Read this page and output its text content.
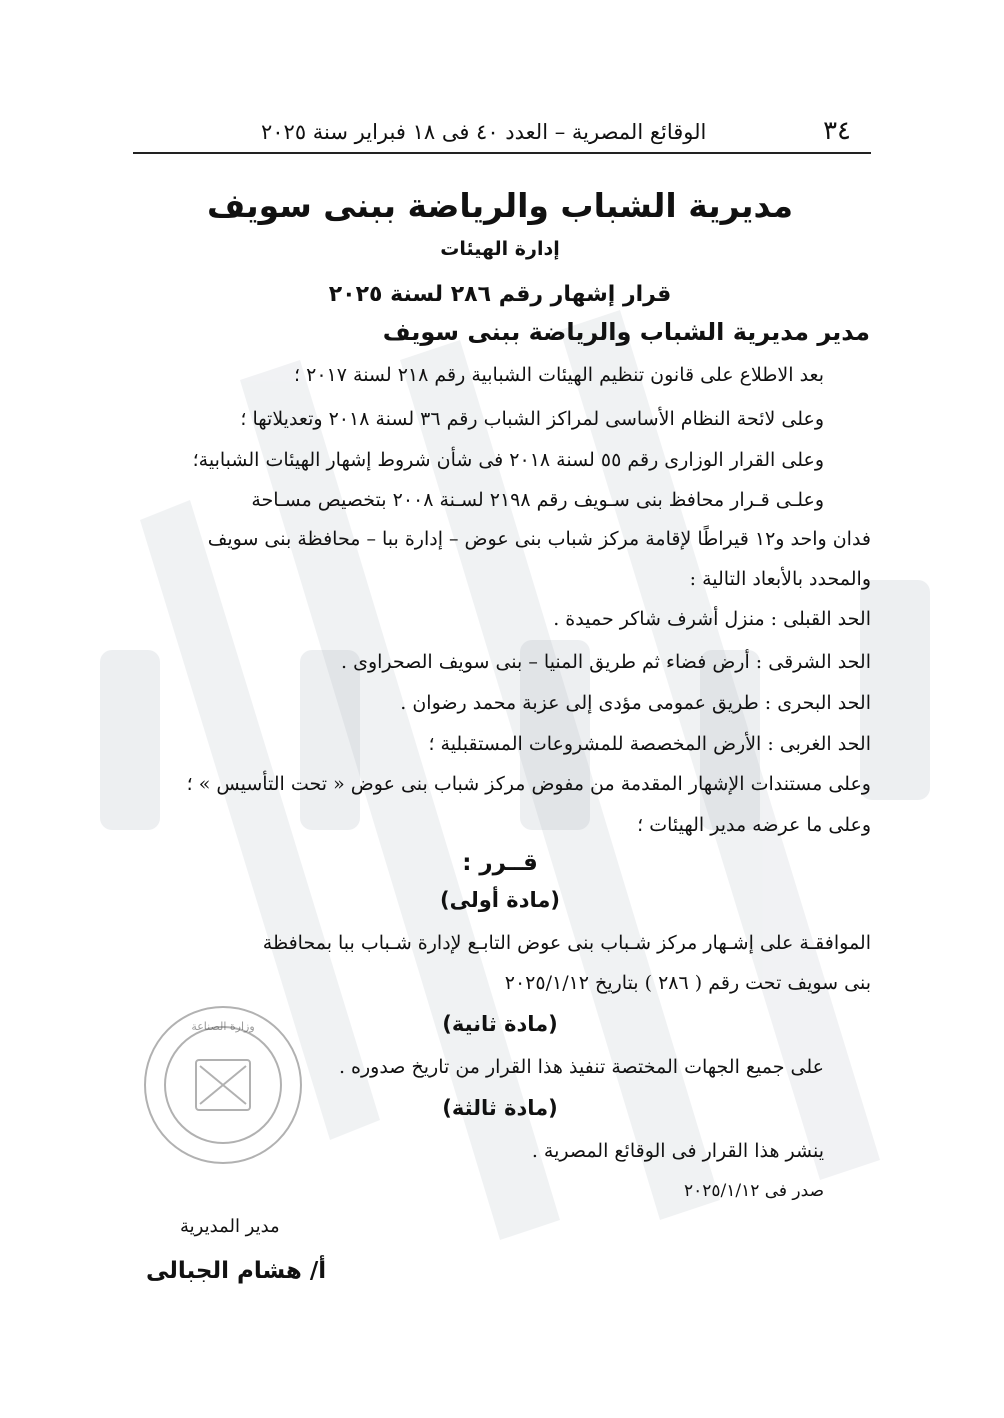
٣٤
الوقائع المصرية – العدد ٤٠ فى ١٨ فبراير سنة ٢٠٢٥
مديرية الشباب والرياضة ببنى سويف
إدارة الهيئات
قرار إشهار رقم ٢٨٦ لسنة ٢٠٢٥
مدير مديرية الشباب والرياضة ببنى سويف
بعد الاطلاع على قانون تنظيم الهيئات الشبابية رقم ٢١٨ لسنة ٢٠١٧ ؛
وعلى لائحة النظام الأساسى لمراكز الشباب رقم ٣٦ لسنة ٢٠١٨ وتعديلاتها ؛
وعلى القرار الوزارى رقم ٥٥ لسنة ٢٠١٨ فى شأن شروط إشهار الهيئات الشبابية؛
وعلـى قـرار محافظ بنى سـويف رقم ٢١٩٨ لسـنة ٢٠٠٨ بتخصيص مسـاحة
فدان واحد و١٢ قيراطًا لإقامة مركز شباب بنى عوض – إدارة ببا – محافظة بنى سويف
والمحدد بالأبعاد التالية :
الحد القبلى : منزل أشرف شاكر حميدة .
الحد الشرقى : أرض فضاء ثم طريق المنيا – بنى سويف الصحراوى .
الحد البحرى : طريق عمومى مؤدى إلى عزبة محمد رضوان .
الحد الغربى : الأرض المخصصة للمشروعات المستقبلية ؛
وعلى مستندات الإشهار المقدمة من مفوض مركز شباب بنى عوض « تحت التأسيس » ؛
وعلى ما عرضه مدير الهيئات ؛
قــرر :
(مادة أولى)
الموافقـة على إشـهار مركز شـباب بنى عوض التابـع لإدارة شـباب ببا بمحافظة
بنى سويف تحت رقم ( ٢٨٦ ) بتاريخ ٢٠٢٥/١/١٢
(مادة ثانية)
على جميع الجهات المختصة تنفيذ هذا القرار من تاريخ صدوره .
(مادة ثالثة)
ينشر هذا القرار فى الوقائع المصرية .
صدر فى ٢٠٢٥/١/١٢
وزارة الصناعة
مدير المديرية
أ/ هشام الجبالى
